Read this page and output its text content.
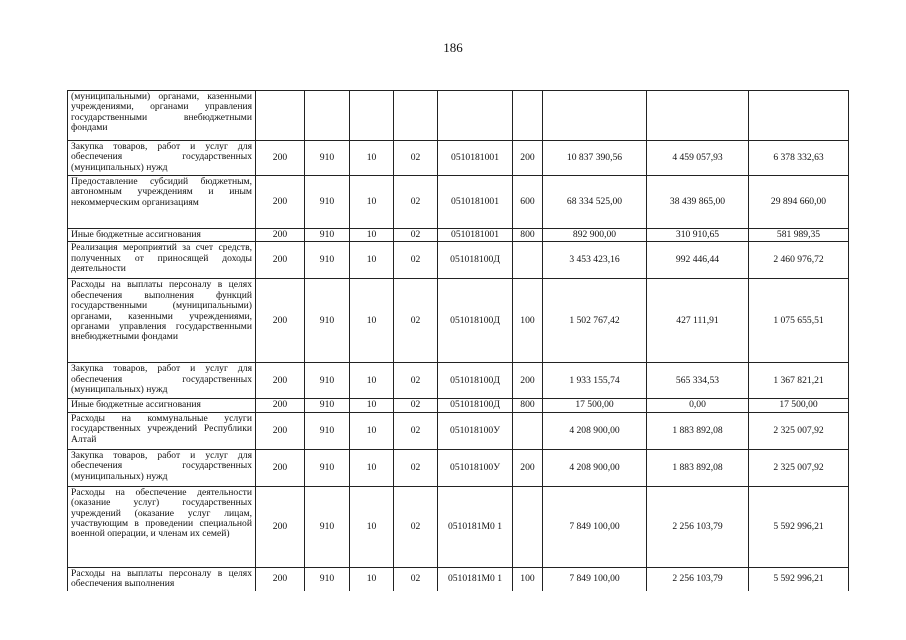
186
(муниципальными) органами, казенными учреждениями, органами управления государственными внебюджетными фондами									
Закупка товаров, работ и услуг для обеспечения государственных (муниципальных) нужд	200	910	10	02	0510181001	200	10 837 390,56	4 459 057,93	6 378 332,63
Предоставление субсидий бюджетным, автономным учреждениям и иным некоммерческим организациям	200	910	10	02	0510181001	600	68 334 525,00	38 439 865,00	29 894 660,00
Иные бюджетные ассигнования	200	910	10	02	0510181001	800	892 900,00	310 910,65	581 989,35
Реализация мероприятий за счет средств, полученных от приносящей доходы деятельности	200	910	10	02	051018100Д		3 453 423,16	992 446,44	2 460 976,72
Расходы на выплаты персоналу в целях обеспечения выполнения функций государственными (муниципальными) органами, казенными учреждениями, органами управления государственными внебюджетными фондами	200	910	10	02	051018100Д	100	1 502 767,42	427 111,91	1 075 655,51
Закупка товаров, работ и услуг для обеспечения государственных (муниципальных) нужд	200	910	10	02	051018100Д	200	1 933 155,74	565 334,53	1 367 821,21
Иные бюджетные ассигнования	200	910	10	02	051018100Д	800	17 500,00	0,00	17 500,00
Расходы на коммунальные услуги государственных учреждений Республики Алтай	200	910	10	02	051018100У		4 208 900,00	1 883 892,08	2 325 007,92
Закупка товаров, работ и услуг для обеспечения государственных (муниципальных) нужд	200	910	10	02	051018100У	200	4 208 900,00	1 883 892,08	2 325 007,92
Расходы на обеспечение деятельности (оказание услуг) государственных учреждений (оказание услуг лицам, участвующим в проведении специальной военной операции, и членам их семей)	200	910	10	02	0510181М0 1		7 849 100,00	2 256 103,79	5 592 996,21
Расходы на выплаты персоналу в целях обеспечения выполнения	200	910	10	02	0510181М0 1	100	7 849 100,00	2 256 103,79	5 592 996,21
